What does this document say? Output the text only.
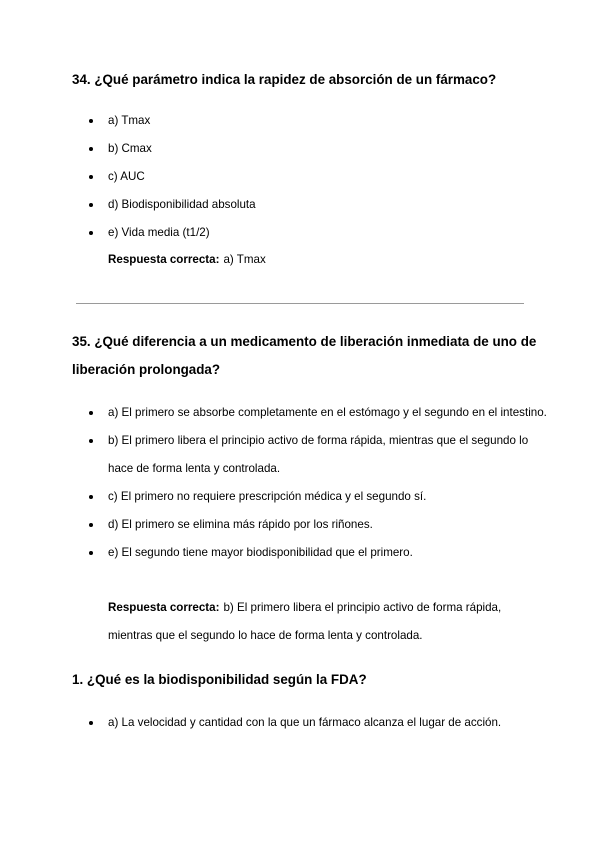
34. ¿Qué parámetro indica la rapidez de absorción de un fármaco?

a) Tmax
b) Cmax
c) AUC
d) Biodisponibilidad absoluta
e) Vida media (t1/2)

Respuesta correcta: a) Tmax

35. ¿Qué diferencia a un medicamento de liberación inmediata de uno de liberación prolongada?

a) El primero se absorbe completamente en el estómago y el segundo en el intestino.
b) El primero libera el principio activo de forma rápida, mientras que el segundo lo hace de forma lenta y controlada.
c) El primero no requiere prescripción médica y el segundo sí.
d) El primero se elimina más rápido por los riñones.
e) El segundo tiene mayor biodisponibilidad que el primero.

Respuesta correcta: b) El primero libera el principio activo de forma rápida, mientras que el segundo lo hace de forma lenta y controlada.

1. ¿Qué es la biodisponibilidad según la FDA?

a) La velocidad y cantidad con la que un fármaco alcanza el lugar de acción.
